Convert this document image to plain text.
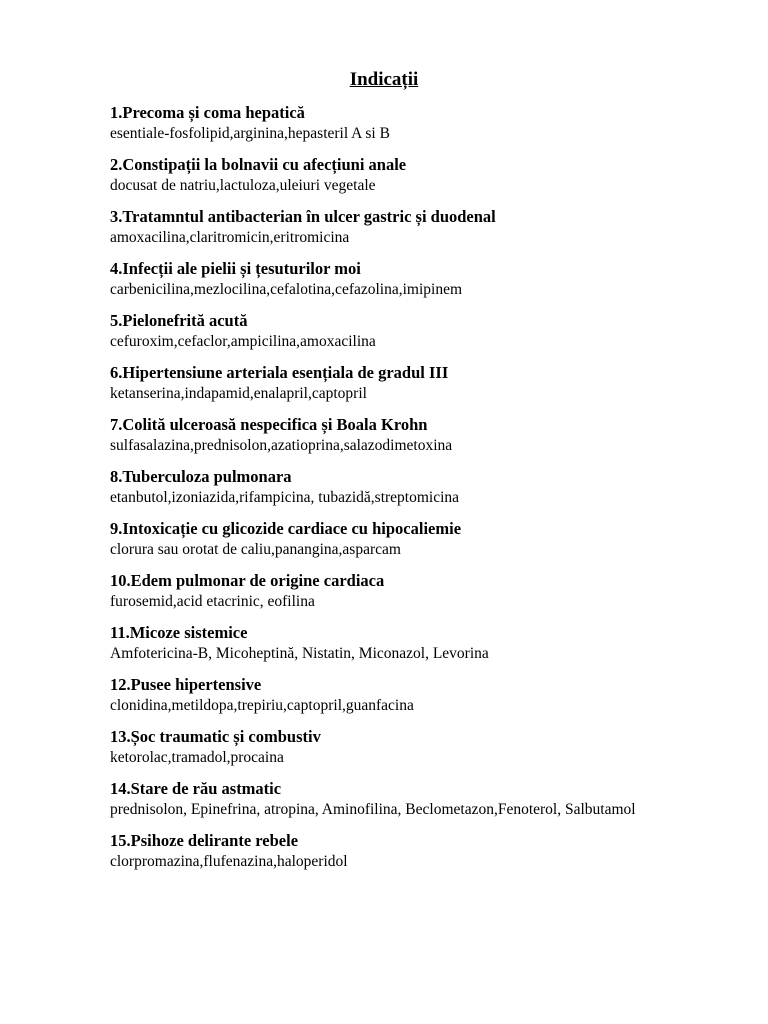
Indicații
1.Precoma și coma hepatică
esentiale-fosfolipid,arginina,hepasteril A si B
2.Constipații la bolnavii cu afecțiuni anale
docusat de natriu,lactuloza,uleiuri vegetale
3.Tratamntul antibacterian în ulcer gastric și duodenal
amoxacilina,claritromicin,eritromicina
4.Infecții ale pielii și țesuturilor moi
carbenicilina,mezlocilina,cefalotina,cefazolina,imipinem
5.Pielonefrită acută
cefuroxim,cefaclor,ampicilina,amoxacilina
6.Hipertensiune arteriala esențiala de gradul III
ketanserina,indapamid,enalapril,captopril
7.Colită ulceroasă nespecifica și Boala Krohn
sulfasalazina,prednisolon,azatioprina,salazodimetoxina
8.Tuberculoza pulmonara
etanbutol,izoniazida,rifampicina, tubazidă,streptomicina
9.Intoxicație cu glicozide cardiace cu hipocaliemie
clorura sau orotat de caliu,panangina,asparcam
10.Edem pulmonar de origine cardiaca
furosemid,acid etacrinic, eofilina
11.Micoze sistemice
Amfotericina-B, Micoheptină, Nistatin, Miconazol, Levorina
12.Pusee hipertensive
clonidina,metildopa,trepiriu,captopril,guanfacina
13.Șoc traumatic și combustiv
ketorolac,tramadol,procaina
14.Stare de rău astmatic
prednisolon, Epinefrina, atropina, Aminofilina, Beclometazon,Fenoterol, Salbutamol
15.Psihoze delirante rebele
clorpromazina,flufenazina,haloperidol
